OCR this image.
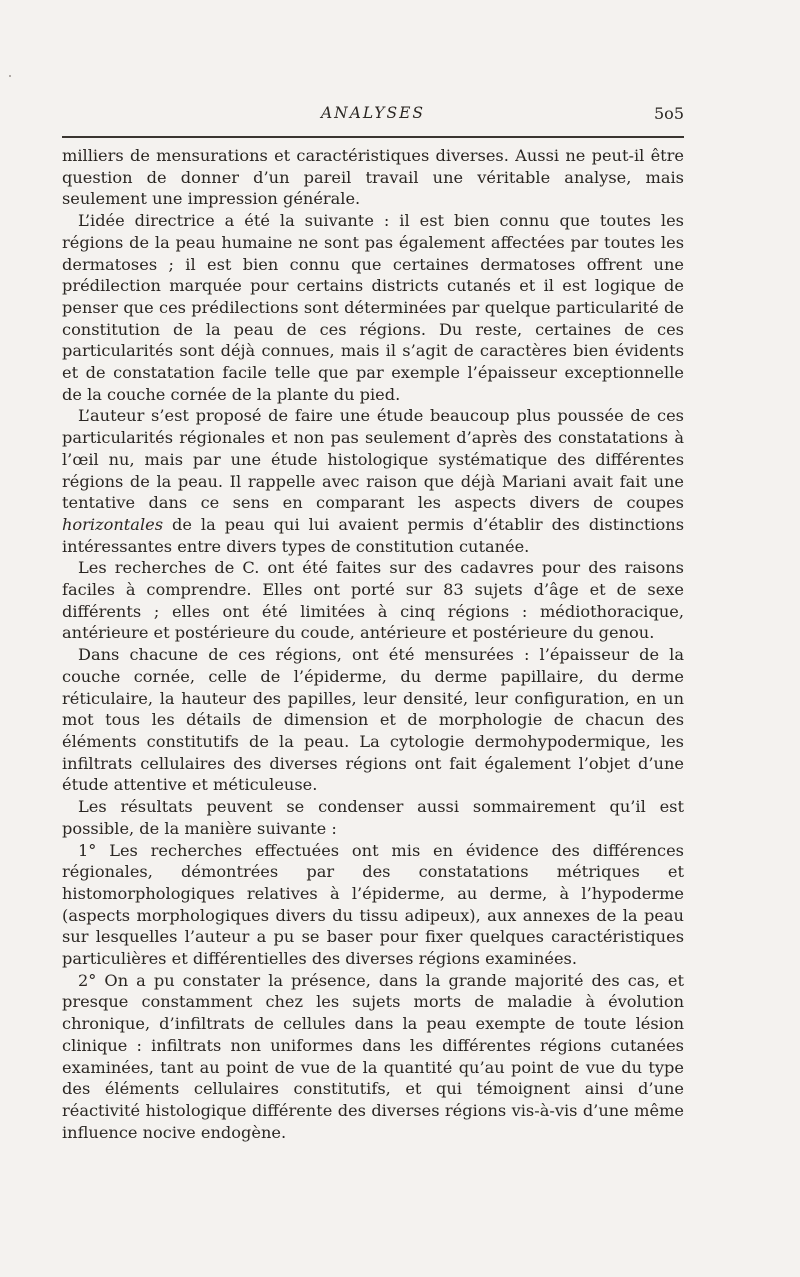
ANALYSES	5o5

milliers de mensurations et caractéristiques diverses. Aussi ne peut-il être question de donner d’un pareil travail une véritable analyse, mais seulement une impression générale.

L’idée directrice a été la suivante : il est bien connu que toutes les régions de la peau humaine ne sont pas également affectées par toutes les dermatoses ; il est bien connu que certaines dermatoses offrent une prédilection marquée pour certains districts cutanés et il est logique de penser que ces prédilections sont déterminées par quelque particularité de constitution de la peau de ces régions. Du reste, certaines de ces particularités sont déjà connues, mais il s’agit de caractères bien évidents et de constatation facile telle que par exemple l’épaisseur exceptionnelle de la couche cornée de la plante du pied.

L’auteur s’est proposé de faire une étude beaucoup plus poussée de ces particularités régionales et non pas seulement d’après des constatations à l’œil nu, mais par une étude histologique systématique des différentes régions de la peau. Il rappelle avec raison que déjà Mariani avait fait une tentative dans ce sens en comparant les aspects divers de coupes horizontales de la peau qui lui avaient permis d’établir des distinctions intéressantes entre divers types de constitution cutanée.

Les recherches de C. ont été faites sur des cadavres pour des raisons faciles à comprendre. Elles ont porté sur 83 sujets d’âge et de sexe différents ; elles ont été limitées à cinq régions : médiothoracique, antérieure et postérieure du coude, antérieure et postérieure du genou.

Dans chacune de ces régions, ont été mensurées : l’épaisseur de la couche cornée, celle de l’épiderme, du derme papillaire, du derme réticulaire, la hauteur des papilles, leur densité, leur configuration, en un mot tous les détails de dimension et de morphologie de chacun des éléments constitutifs de la peau. La cytologie dermohypodermique, les infiltrats cellulaires des diverses régions ont fait également l’objet d’une étude attentive et méticuleuse.

Les résultats peuvent se condenser aussi sommairement qu’il est possible, de la manière suivante :

1° Les recherches effectuées ont mis en évidence des différences régionales, démontrées par des constatations métriques et histomorphologiques relatives à l’épiderme, au derme, à l’hypoderme (aspects morphologiques divers du tissu adipeux), aux annexes de la peau sur lesquelles l’auteur a pu se baser pour fixer quelques caractéristiques particulières et différentielles des diverses régions examinées.

2° On a pu constater la présence, dans la grande majorité des cas, et presque constamment chez les sujets morts de maladie à évolution chronique, d’infiltrats de cellules dans la peau exempte de toute lésion clinique : infiltrats non uniformes dans les différentes régions cutanées examinées, tant au point de vue de la quantité qu’au point de vue du type des éléments cellulaires constitutifs, et qui témoignent ainsi d’une réactivité histologique différente des diverses régions vis-à-vis d’une même influence nocive endogène.
